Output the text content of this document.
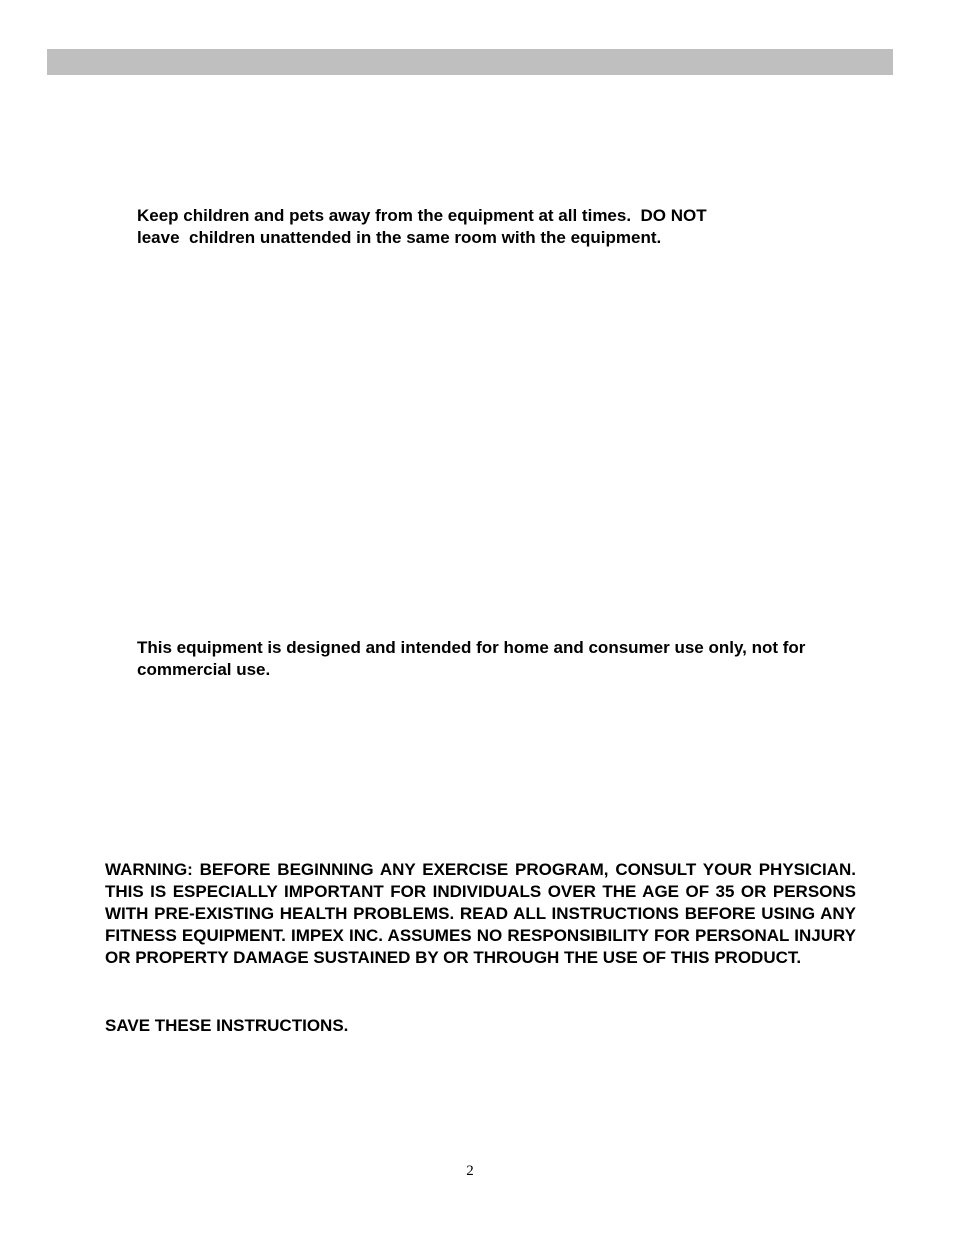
Keep children and pets away from the equipment at all times.  DO NOT
leave  children unattended in the same room with the equipment.

This equipment is designed and intended for home and consumer use only, not for commercial use.

WARNING: BEFORE BEGINNING ANY EXERCISE PROGRAM, CONSULT YOUR PHYSICIAN. THIS IS ESPECIALLY IMPORTANT FOR INDIVIDUALS OVER THE AGE OF 35 OR PERSONS WITH PRE-EXISTING HEALTH PROBLEMS. READ ALL INSTRUCTIONS BEFORE USING ANY FITNESS EQUIPMENT. IMPEX INC. ASSUMES NO RESPONSIBILITY FOR PERSONAL INJURY OR PROPERTY DAMAGE SUSTAINED BY OR THROUGH THE USE OF THIS PRODUCT.

SAVE THESE INSTRUCTIONS.

2
